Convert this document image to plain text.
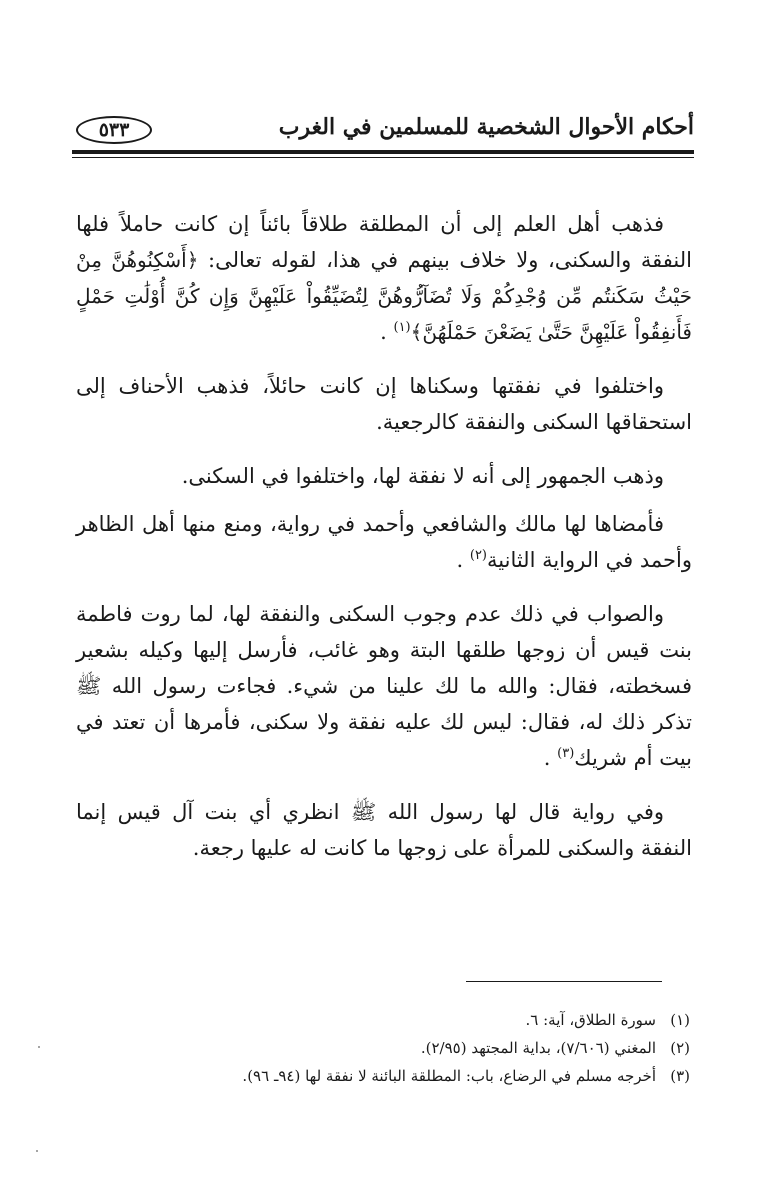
أحكام الأحوال الشخصية للمسلمين في الغرب
٥٣٣

فذهب أهل العلم إلى أن المطلقة طلاقاً بائناً إن كانت حاملاً فلها النفقة والسكنى، ولا خلاف بينهم في هذا، لقوله تعالى: ﴿أَسْكِنُوهُنَّ مِنْ حَيْثُ سَكَنتُم مِّن وُجْدِكُمْ وَلَا تُضَآرُّوهُنَّ لِتُضَيِّقُواْ عَلَيْهِنَّ وَإِن كُنَّ أُوْلَٰتِ حَمْلٍ فَأَنفِقُواْ عَلَيْهِنَّ حَتَّىٰ يَضَعْنَ حَمْلَهُنَّ﴾$^{(١)}$ .

واختلفوا في نفقتها وسكناها إن كانت حائلاً، فذهب الأحناف إلى استحقاقها السكنى والنفقة كالرجعية.

وذهب الجمهور إلى أنه لا نفقة لها، واختلفوا في السكنى.

فأمضاها لها مالك والشافعي وأحمد في رواية، ومنع منها أهل الظاهر وأحمد في الرواية الثانية$^{(٢)}$ .

والصواب في ذلك عدم وجوب السكنى والنفقة لها، لما روت فاطمة بنت قيس أن زوجها طلقها البتة وهو غائب، فأرسل إليها وكيله بشعير فسخطته، فقال: والله ما لك علينا من شيء. فجاءت رسول الله ﷺ تذكر ذلك له، فقال: ليس لك عليه نفقة ولا سكنى، فأمرها أن تعتد في بيت أم شريك$^{(٣)}$ .

وفي رواية قال لها رسول الله ﷺ انظري أي بنت آل قيس إنما النفقة والسكنى للمرأة على زوجها ما كانت له عليها رجعة.

(١)سورة الطلاق، آية: ٦.
(٢)المغني (٧/٦٠٦)، بداية المجتهد (٢/٩٥).
(٣)أخرجه مسلم في الرضاع، باب: المطلقة البائنة لا نفقة لها (٩٤ـ ٩٦).
